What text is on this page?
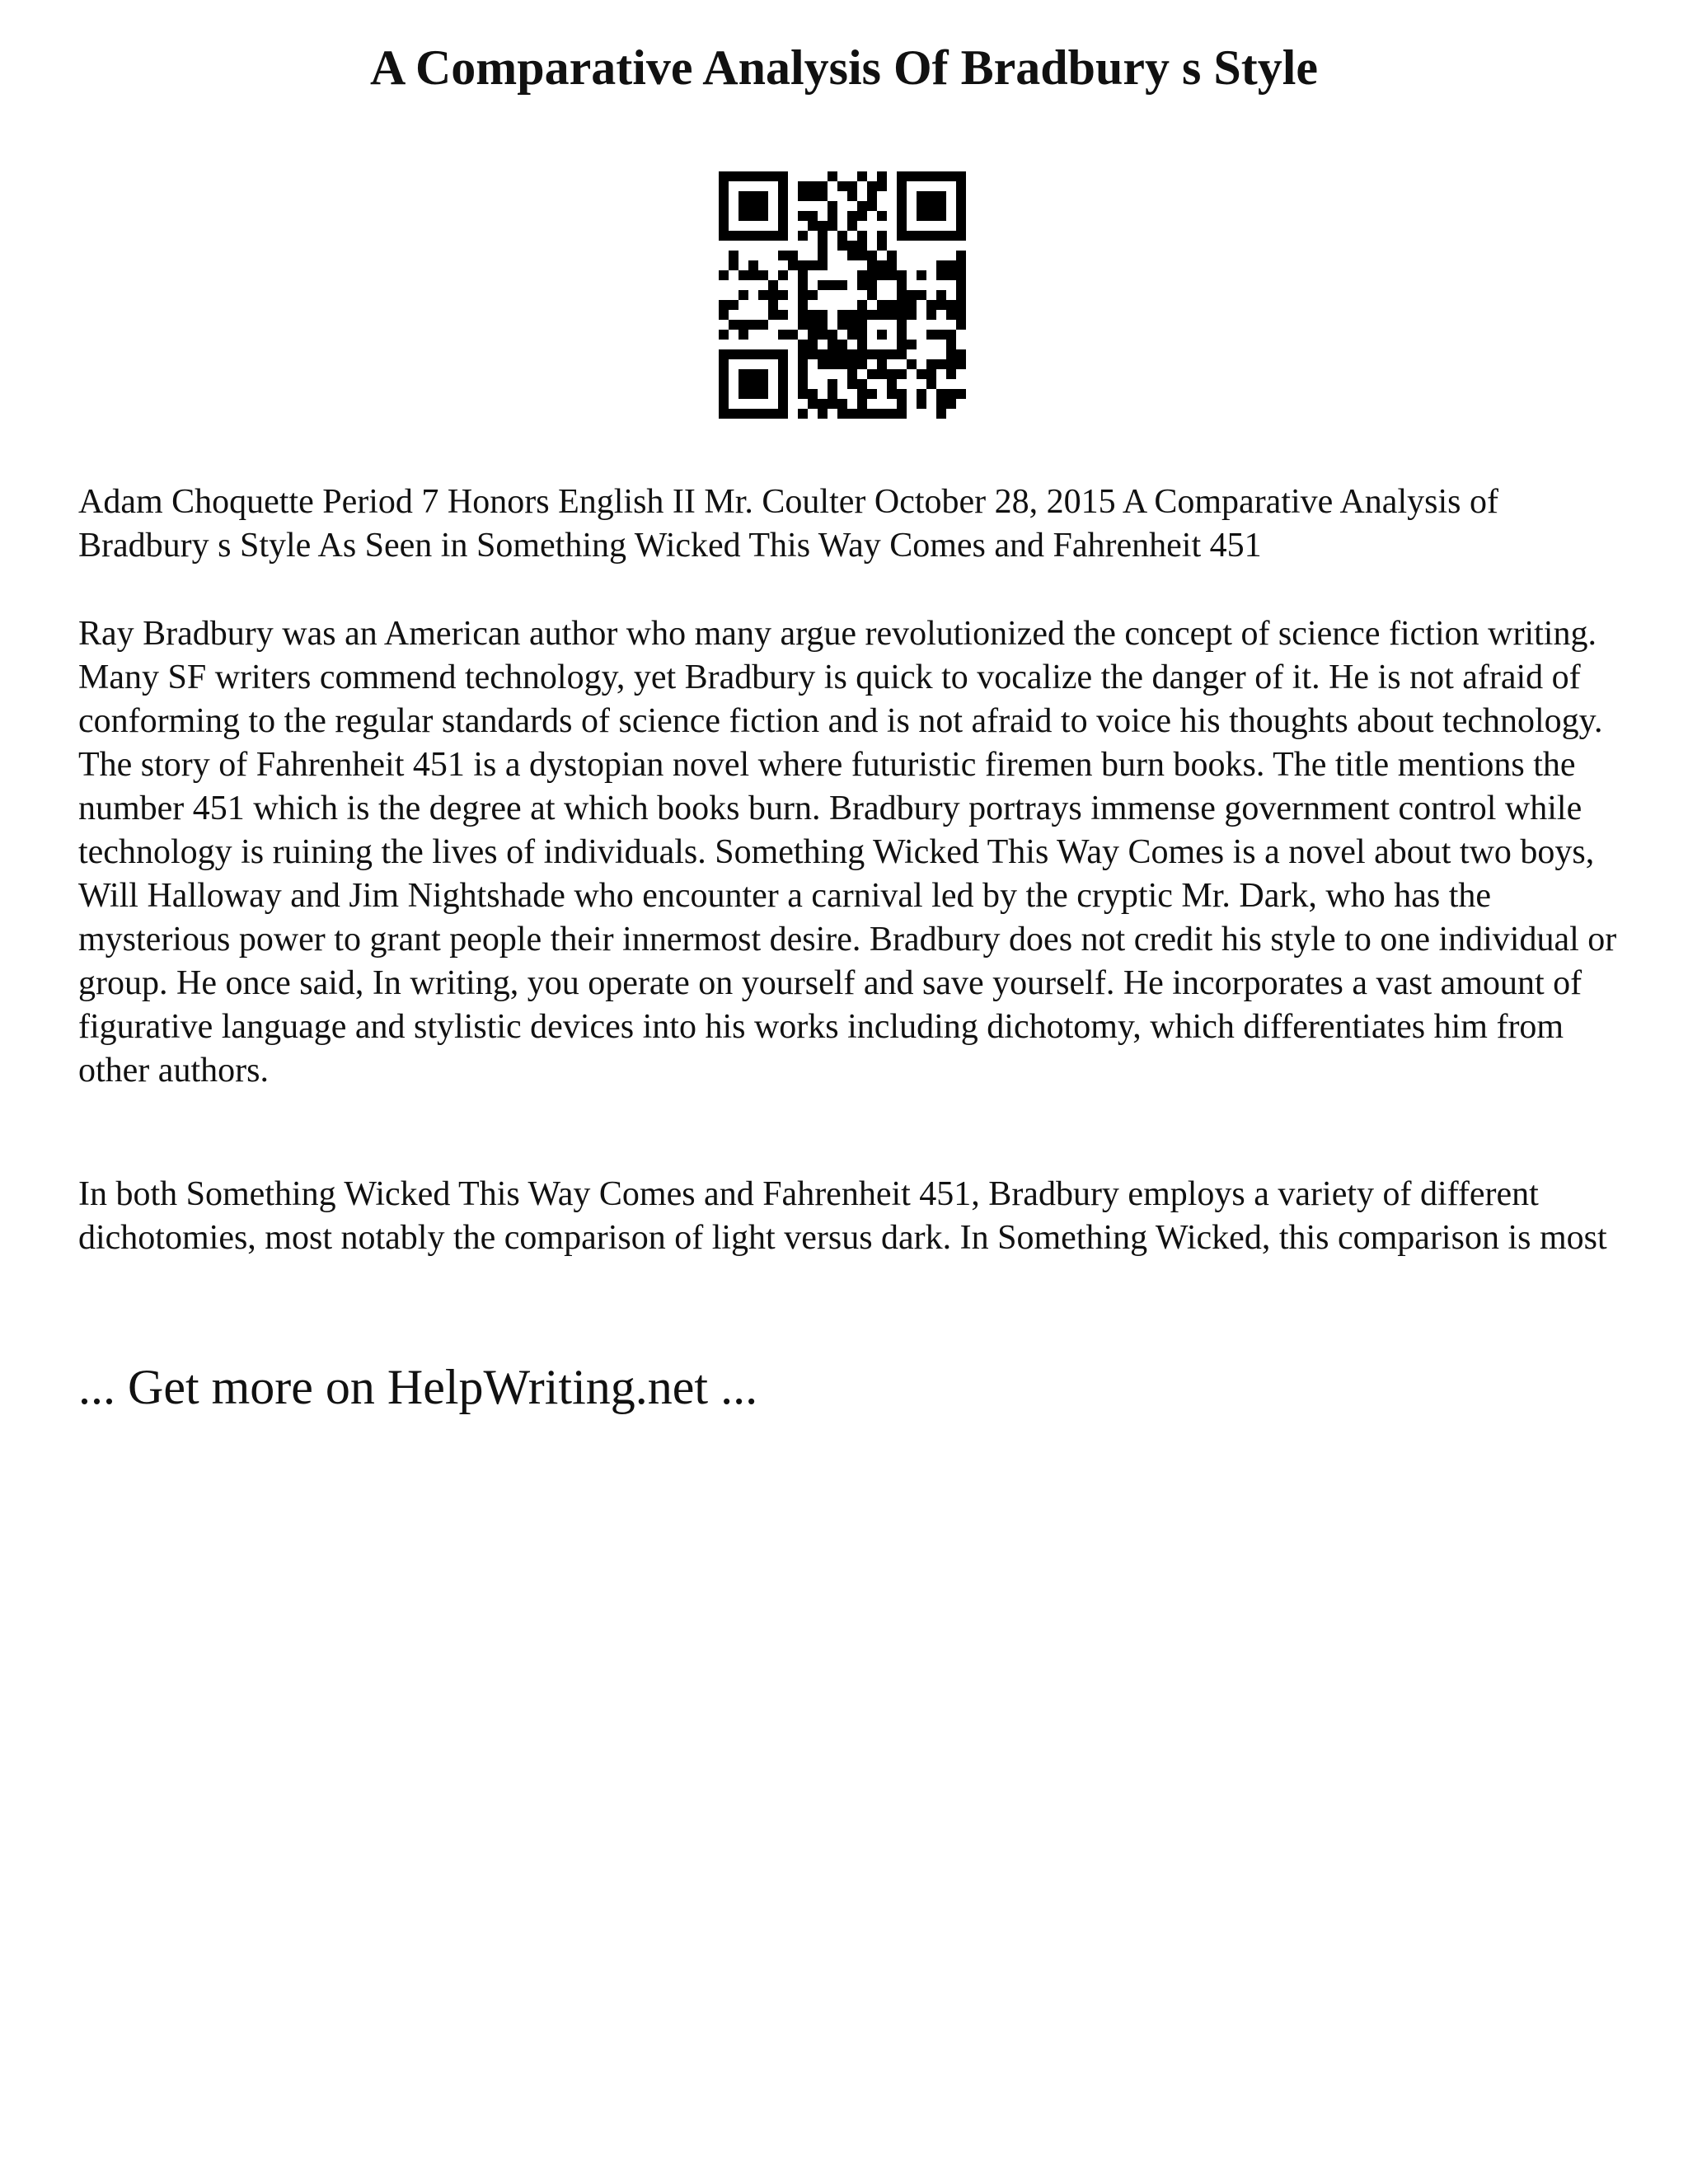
A Comparative Analysis Of Bradbury s Style

Adam Choquette Period 7 Honors English II Mr. Coulter October 28, 2015 A Comparative Analysis of Bradbury s Style As Seen in Something Wicked This Way Comes and Fahrenheit 451

Ray Bradbury was an American author who many argue revolutionized the concept of science fiction writing. Many SF writers commend technology, yet Bradbury is quick to vocalize the danger of it. He is not afraid of conforming to the regular standards of science fiction and is not afraid to voice his thoughts about technology. The story of Fahrenheit 451 is a dystopian novel where futuristic firemen burn books. The title mentions the number 451 which is the degree at which books burn. Bradbury portrays immense government control while technology is ruining the lives of individuals. Something Wicked This Way Comes is a novel about two boys, Will Halloway and Jim Nightshade who encounter a carnival led by the cryptic Mr. Dark, who has the mysterious power to grant people their innermost desire. Bradbury does not credit his style to one individual or group. He once said, In writing, you operate on yourself and save yourself. He incorporates a vast amount of figurative language and stylistic devices into his works including dichotomy, which differentiates him from other authors.

In both Something Wicked This Way Comes and Fahrenheit 451, Bradbury employs a variety of different dichotomies, most notably the comparison of light versus dark. In Something Wicked, this comparison is most

... Get more on HelpWriting.net ...
